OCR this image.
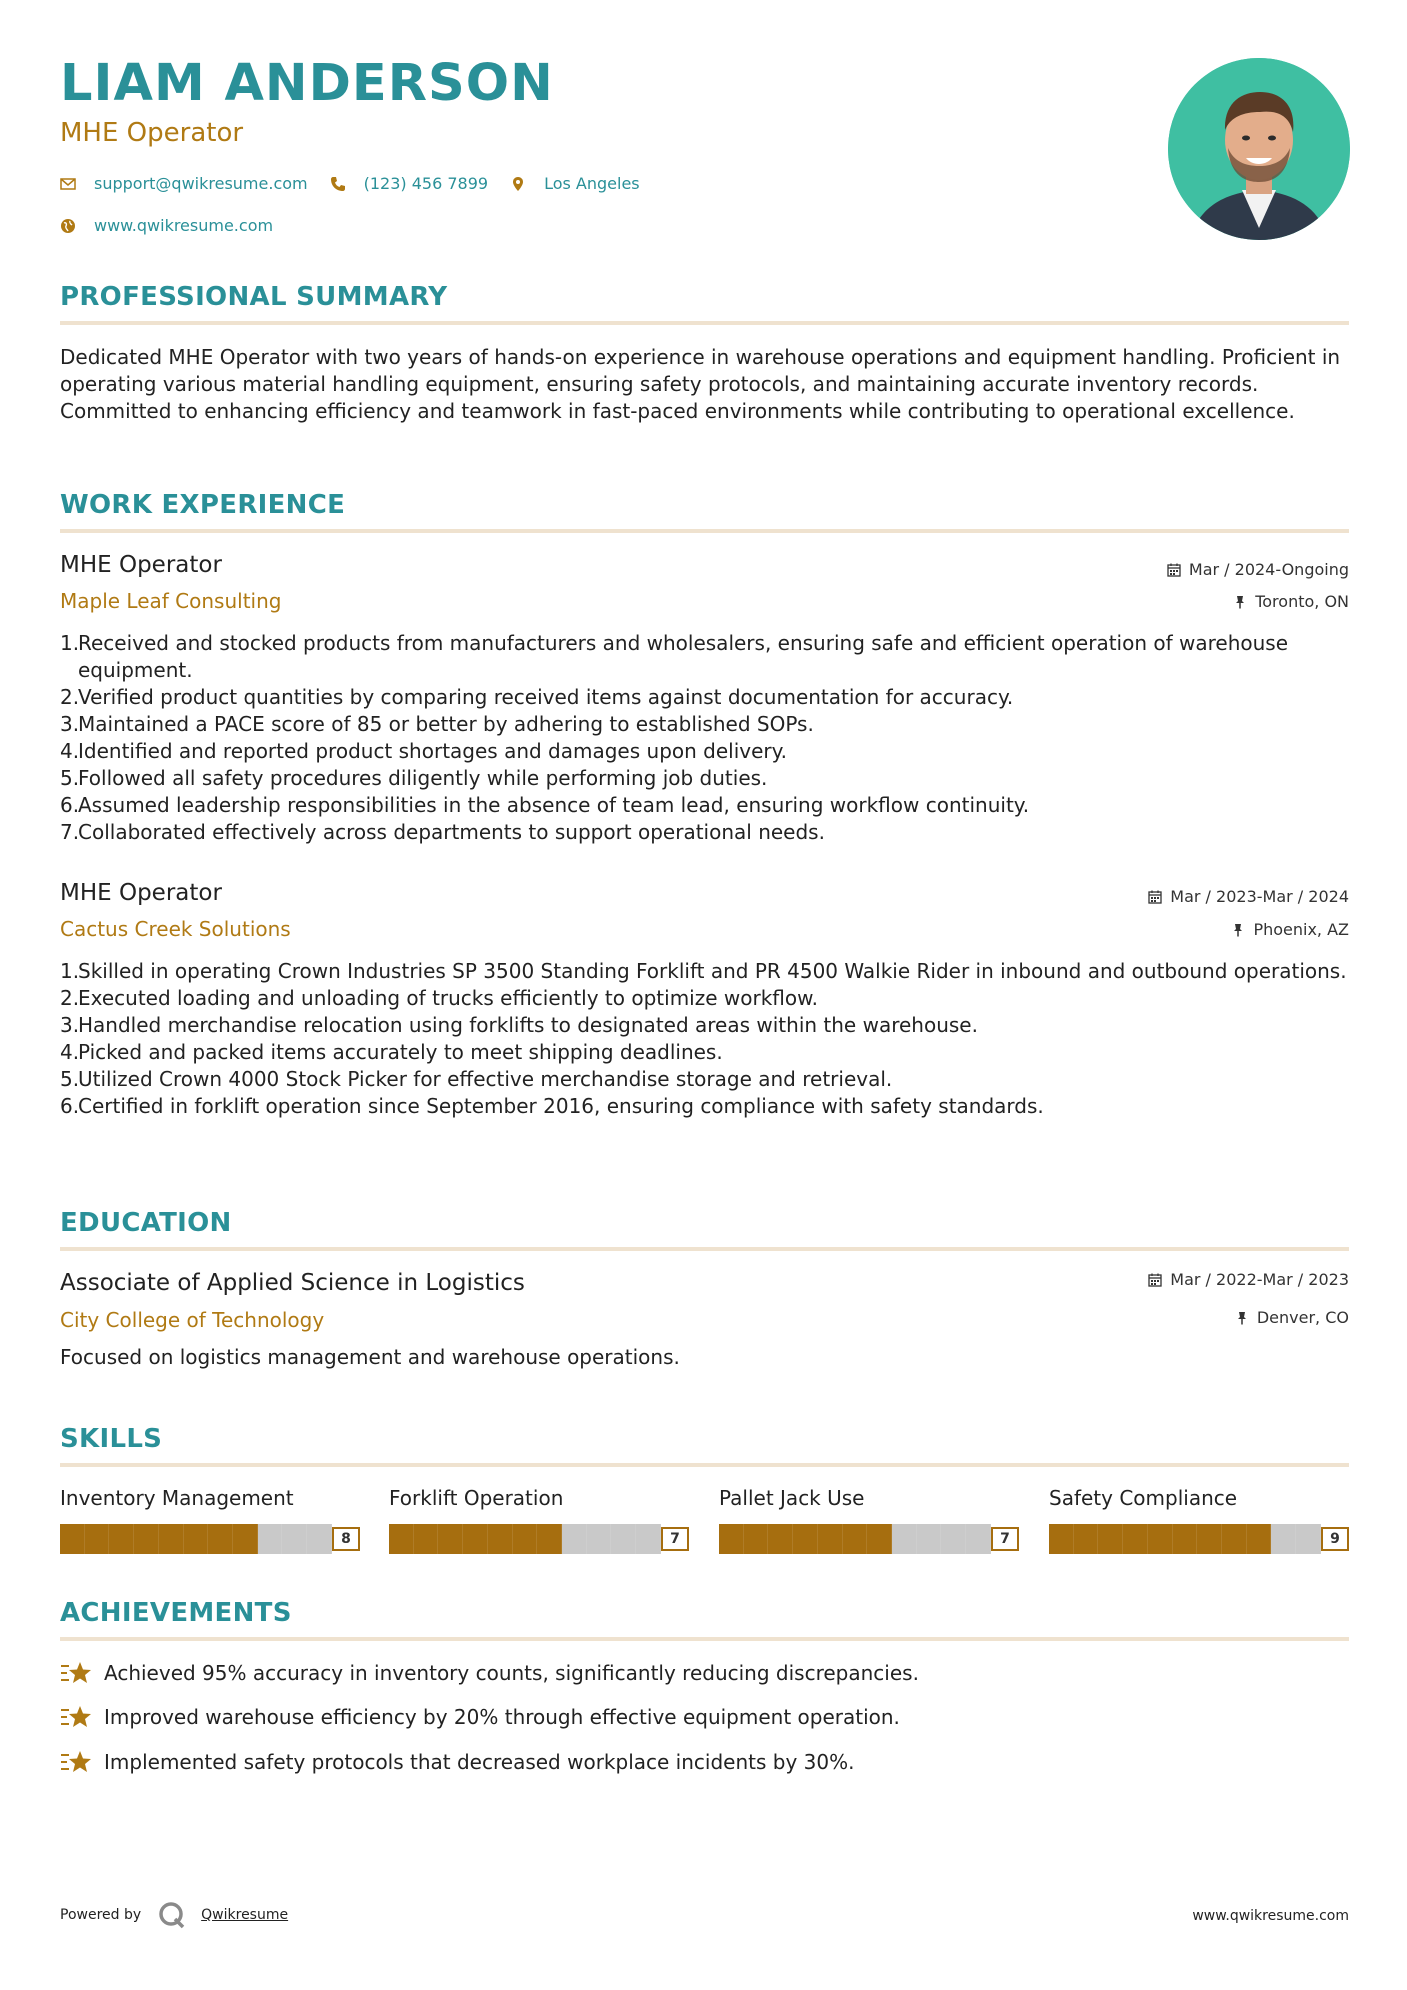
LIAM ANDERSON
MHE Operator
support@qwikresume.com	(123) 456 7899	Los Angeles
www.qwikresume.com
PROFESSIONAL SUMMARY
Dedicated MHE Operator with two years of hands-on experience in warehouse operations and equipment handling. Proficient in operating various material handling equipment, ensuring safety protocols, and maintaining accurate inventory records. Committed to enhancing efficiency and teamwork in fast-paced environments while contributing to operational excellence.
WORK EXPERIENCE
MHE Operator
Maple Leaf Consulting
Mar / 2024-Ongoing
Toronto, ON
1.
Received and stocked products from manufacturers and wholesalers, ensuring safe and efficient operation of warehouse equipment.
2.
Verified product quantities by comparing received items against documentation for accuracy.
3.
Maintained a PACE score of 85 or better by adhering to established SOPs.
4.
Identified and reported product shortages and damages upon delivery.
5.
Followed all safety procedures diligently while performing job duties.
6.
Assumed leadership responsibilities in the absence of team lead, ensuring workflow continuity.
7.
Collaborated effectively across departments to support operational needs.
MHE Operator
Cactus Creek Solutions
Mar / 2023-Mar / 2024
Phoenix, AZ
1.
Skilled in operating Crown Industries SP 3500 Standing Forklift and PR 4500 Walkie Rider in inbound and outbound operations.
2.
Executed loading and unloading of trucks efficiently to optimize workflow.
3.
Handled merchandise relocation using forklifts to designated areas within the warehouse.
4.
Picked and packed items accurately to meet shipping deadlines.
5.
Utilized Crown 4000 Stock Picker for effective merchandise storage and retrieval.
6.
Certified in forklift operation since September 2016, ensuring compliance with safety standards.
EDUCATION
Associate of Applied Science in Logistics
City College of Technology
Mar / 2022-Mar / 2023
Denver, CO
Focused on logistics management and warehouse operations.
SKILLS
Inventory Management
8
Forklift Operation
7
Pallet Jack Use
7
Safety Compliance
9
ACHIEVEMENTS
Achieved 95% accuracy in inventory counts, significantly reducing discrepancies.
Improved warehouse efficiency by 20% through effective equipment operation.
Implemented safety protocols that decreased workplace incidents by 30%.
Powered by	Qwikresume	www.qwikresume.com
